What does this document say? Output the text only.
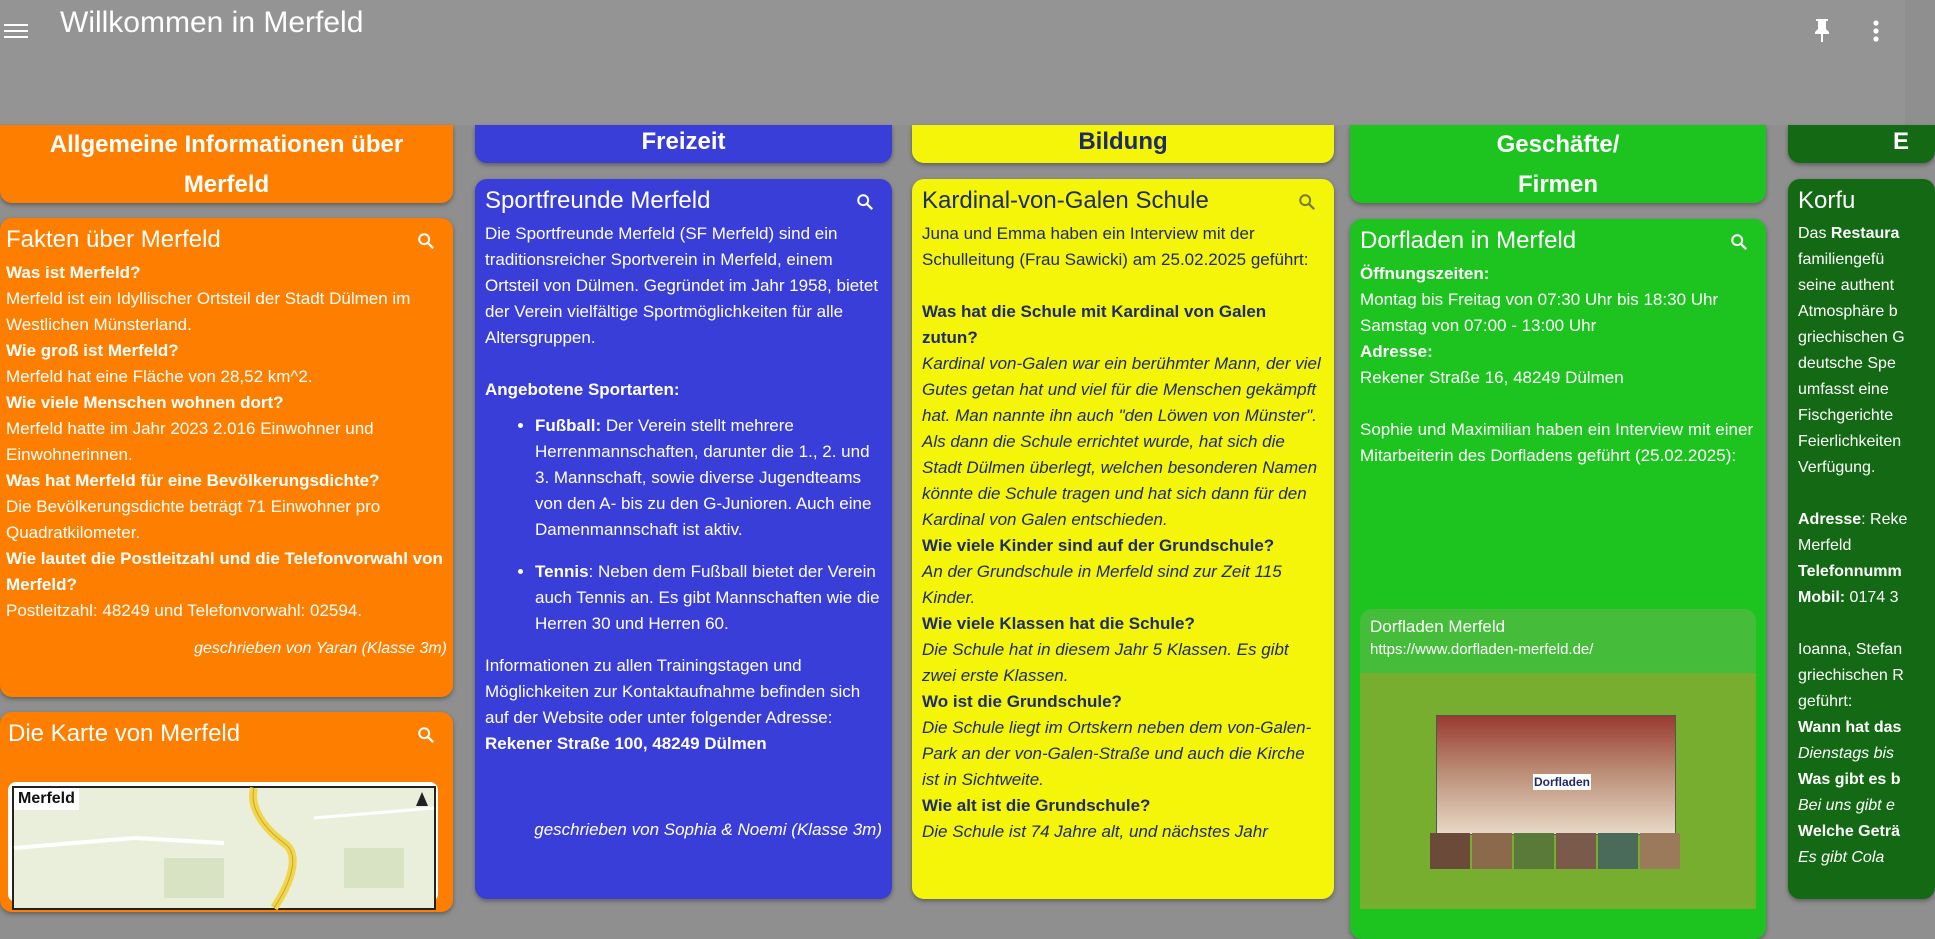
Willkommen in Merfeld
Allgemeine Informationen über
Merfeld
Fakten über Merfeld
Was ist Merfeld?
Merfeld ist ein Idyllischer Ortsteil der Stadt Dülmen im Westlichen Münsterland.
Wie groß ist Merfeld?
Merfeld hat eine Fläche von 28,52 km^2.
Wie viele Menschen wohnen dort?
Merfeld hatte im Jahr 2023 2.016 Einwohner und Einwohnerinnen.
Was hat Merfeld für eine Bevölkerungsdichte?
Die Bevölkerungsdichte beträgt 71 Einwohner pro Quadratkilometer.
Wie lautet die Postleitzahl und die Telefonvorwahl von Merfeld?
Postleitzahl: 48249 und Telefonvorwahl: 02594.
geschrieben von Yaran (Klasse 3m)
Die Karte von Merfeld
Merfeld
Freizeit
Sportfreunde Merfeld
Die Sportfreunde Merfeld (SF Merfeld) sind ein traditionsreicher Sportverein in Merfeld, einem Ortsteil von Dülmen. Gegründet im Jahr 1958, bietet der Verein vielfältige Sportmöglichkeiten für alle Altersgruppen.
Angebotene Sportarten:
• Fußball: Der Verein stellt mehrere Herrenmannschaften, darunter die 1., 2. und 3. Mannschaft, sowie diverse Jugendteams von den A- bis zu den G-Junioren. Auch eine Damenmannschaft ist aktiv.
• Tennis: Neben dem Fußball bietet der Verein auch Tennis an. Es gibt Mannschaften wie die Herren 30 und Herren 60.
Informationen zu allen Trainingstagen und Möglichkeiten zur Kontaktaufnahme befinden sich auf der Website oder unter folgender Adresse:
Rekener Straße 100, 48249 Dülmen
geschrieben von Sophia & Noemi (Klasse 3m)
Bildung
Kardinal-von-Galen Schule
Juna und Emma haben ein Interview mit der Schulleitung (Frau Sawicki) am 25.02.2025 geführt:
Was hat die Schule mit Kardinal von Galen zutun?
Kardinal von-Galen war ein berühmter Mann, der viel Gutes getan hat und viel für die Menschen gekämpft hat. Man nannte ihn auch "den Löwen von Münster". Als dann die Schule errichtet wurde, hat sich die Stadt Dülmen überlegt, welchen besonderen Namen könnte die Schule tragen und hat sich dann für den Kardinal von Galen entschieden.
Wie viele Kinder sind auf der Grundschule?
An der Grundschule in Merfeld sind zur Zeit 115 Kinder.
Wie viele Klassen hat die Schule?
Die Schule hat in diesem Jahr 5 Klassen. Es gibt zwei erste Klassen.
Wo ist die Grundschule?
Die Schule liegt im Ortskern neben dem von-Galen-Park an der von-Galen-Straße und auch die Kirche ist in Sichtweite.
Wie alt ist die Grundschule?
Die Schule ist 74 Jahre alt, und nächstes Jahr
Geschäfte/
Firmen
Dorfladen in Merfeld
Öffnungszeiten:
Montag bis Freitag von 07:30 Uhr bis 18:30 Uhr
Samstag von 07:00 - 13:00 Uhr
Adresse:
Rekener Straße 16, 48249 Dülmen
Sophie und Maximilian haben ein Interview mit einer Mitarbeiterin des Dorfladens geführt (25.02.2025):
Dorfladen Merfeld
https://www.dorfladen-merfeld.de/
Dorfladen
E
Korfu
Das Restaura
familiengefü
seine authent
Atmosphäre b
griechischen G
deutsche Spe
umfasst eine
Fischgerichte
Feierlichkeiten
Verfügung.
Adresse: Reke
Merfeld
Telefonnumm
Mobil: 0174 3
Ioanna, Stefan
griechischen R
geführt:
Wann hat das
Dienstags bis
Was gibt es b
Bei uns gibt e
Welche Geträ
Es gibt Cola
